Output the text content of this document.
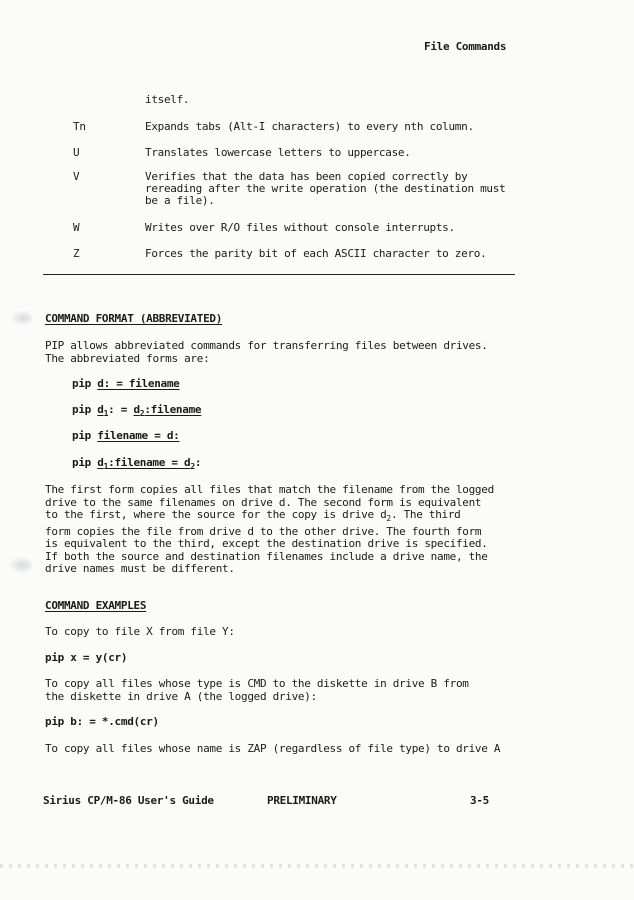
File Commands
itself.
Tn	Expands tabs (Alt-I characters) to every nth column.
U	Translates lowercase letters to uppercase.
V	Verifies that the data has been copied correctly by
rereading after the write operation (the destination must
be a file).
W	Writes over R/O files without console interrupts.
Z	Forces the parity bit of each ASCII character to zero.
COMMAND FORMAT (ABBREVIATED)
PIP allows abbreviated commands for transferring files between drives.
The abbreviated forms are:
pip d: = filename
pip $d_1$: = $d_2:filename$
pip filename = d:
pip $d_1:filename = d_2$:
The first form copies all files that match the filename from the logged
drive to the same filenames on drive d. The second form is equivalent
to the first, where the source for the copy is drive $d_2$. The third
form copies the file from drive d to the other drive. The fourth form
is equivalent to the third, except the destination drive is specified.
If both the source and destination filenames include a drive name, the
drive names must be different.
COMMAND EXAMPLES
To copy to file X from file Y:
pip x = y(cr)
To copy all files whose type is CMD to the diskette in drive B from
the diskette in drive A (the logged drive):
pip b: = *.cmd(cr)
To copy all files whose name is ZAP (regardless of file type) to drive A
Sirius CP/M-86 User's Guide	PRELIMINARY	3-5
